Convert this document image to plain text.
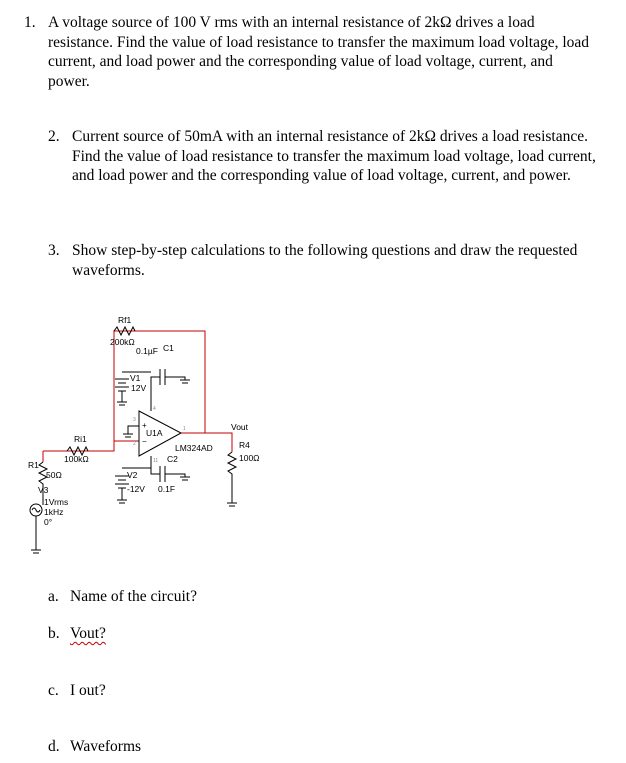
1. A voltage source of 100 V rms with an internal resistance of 2kΩ drives a load resistance. Find the value of load resistance to transfer the maximum load voltage, load current, and load power and the corresponding value of load voltage, current, and power.
2. Current source of 50mA with an internal resistance of 2kΩ drives a load resistance. Find the value of load resistance to transfer the maximum load voltage, load current, and load power and the corresponding value of load voltage, current, and power.
3. Show step-by-step calculations to the following questions and draw the requested waveforms.
+
−
Rf1
200kΩ
0.1µF C1
V1
12V
Ri1
100kΩ
U1A
LM324AD
C2
0.1F
V2
-12V
Vout
R4
100Ω
R1
50Ω
V3
1Vrms
1kHz
0°
3
2
1
4
11
a. Name of the circuit?
b. Vout?
c. I out?
d. Waveforms
